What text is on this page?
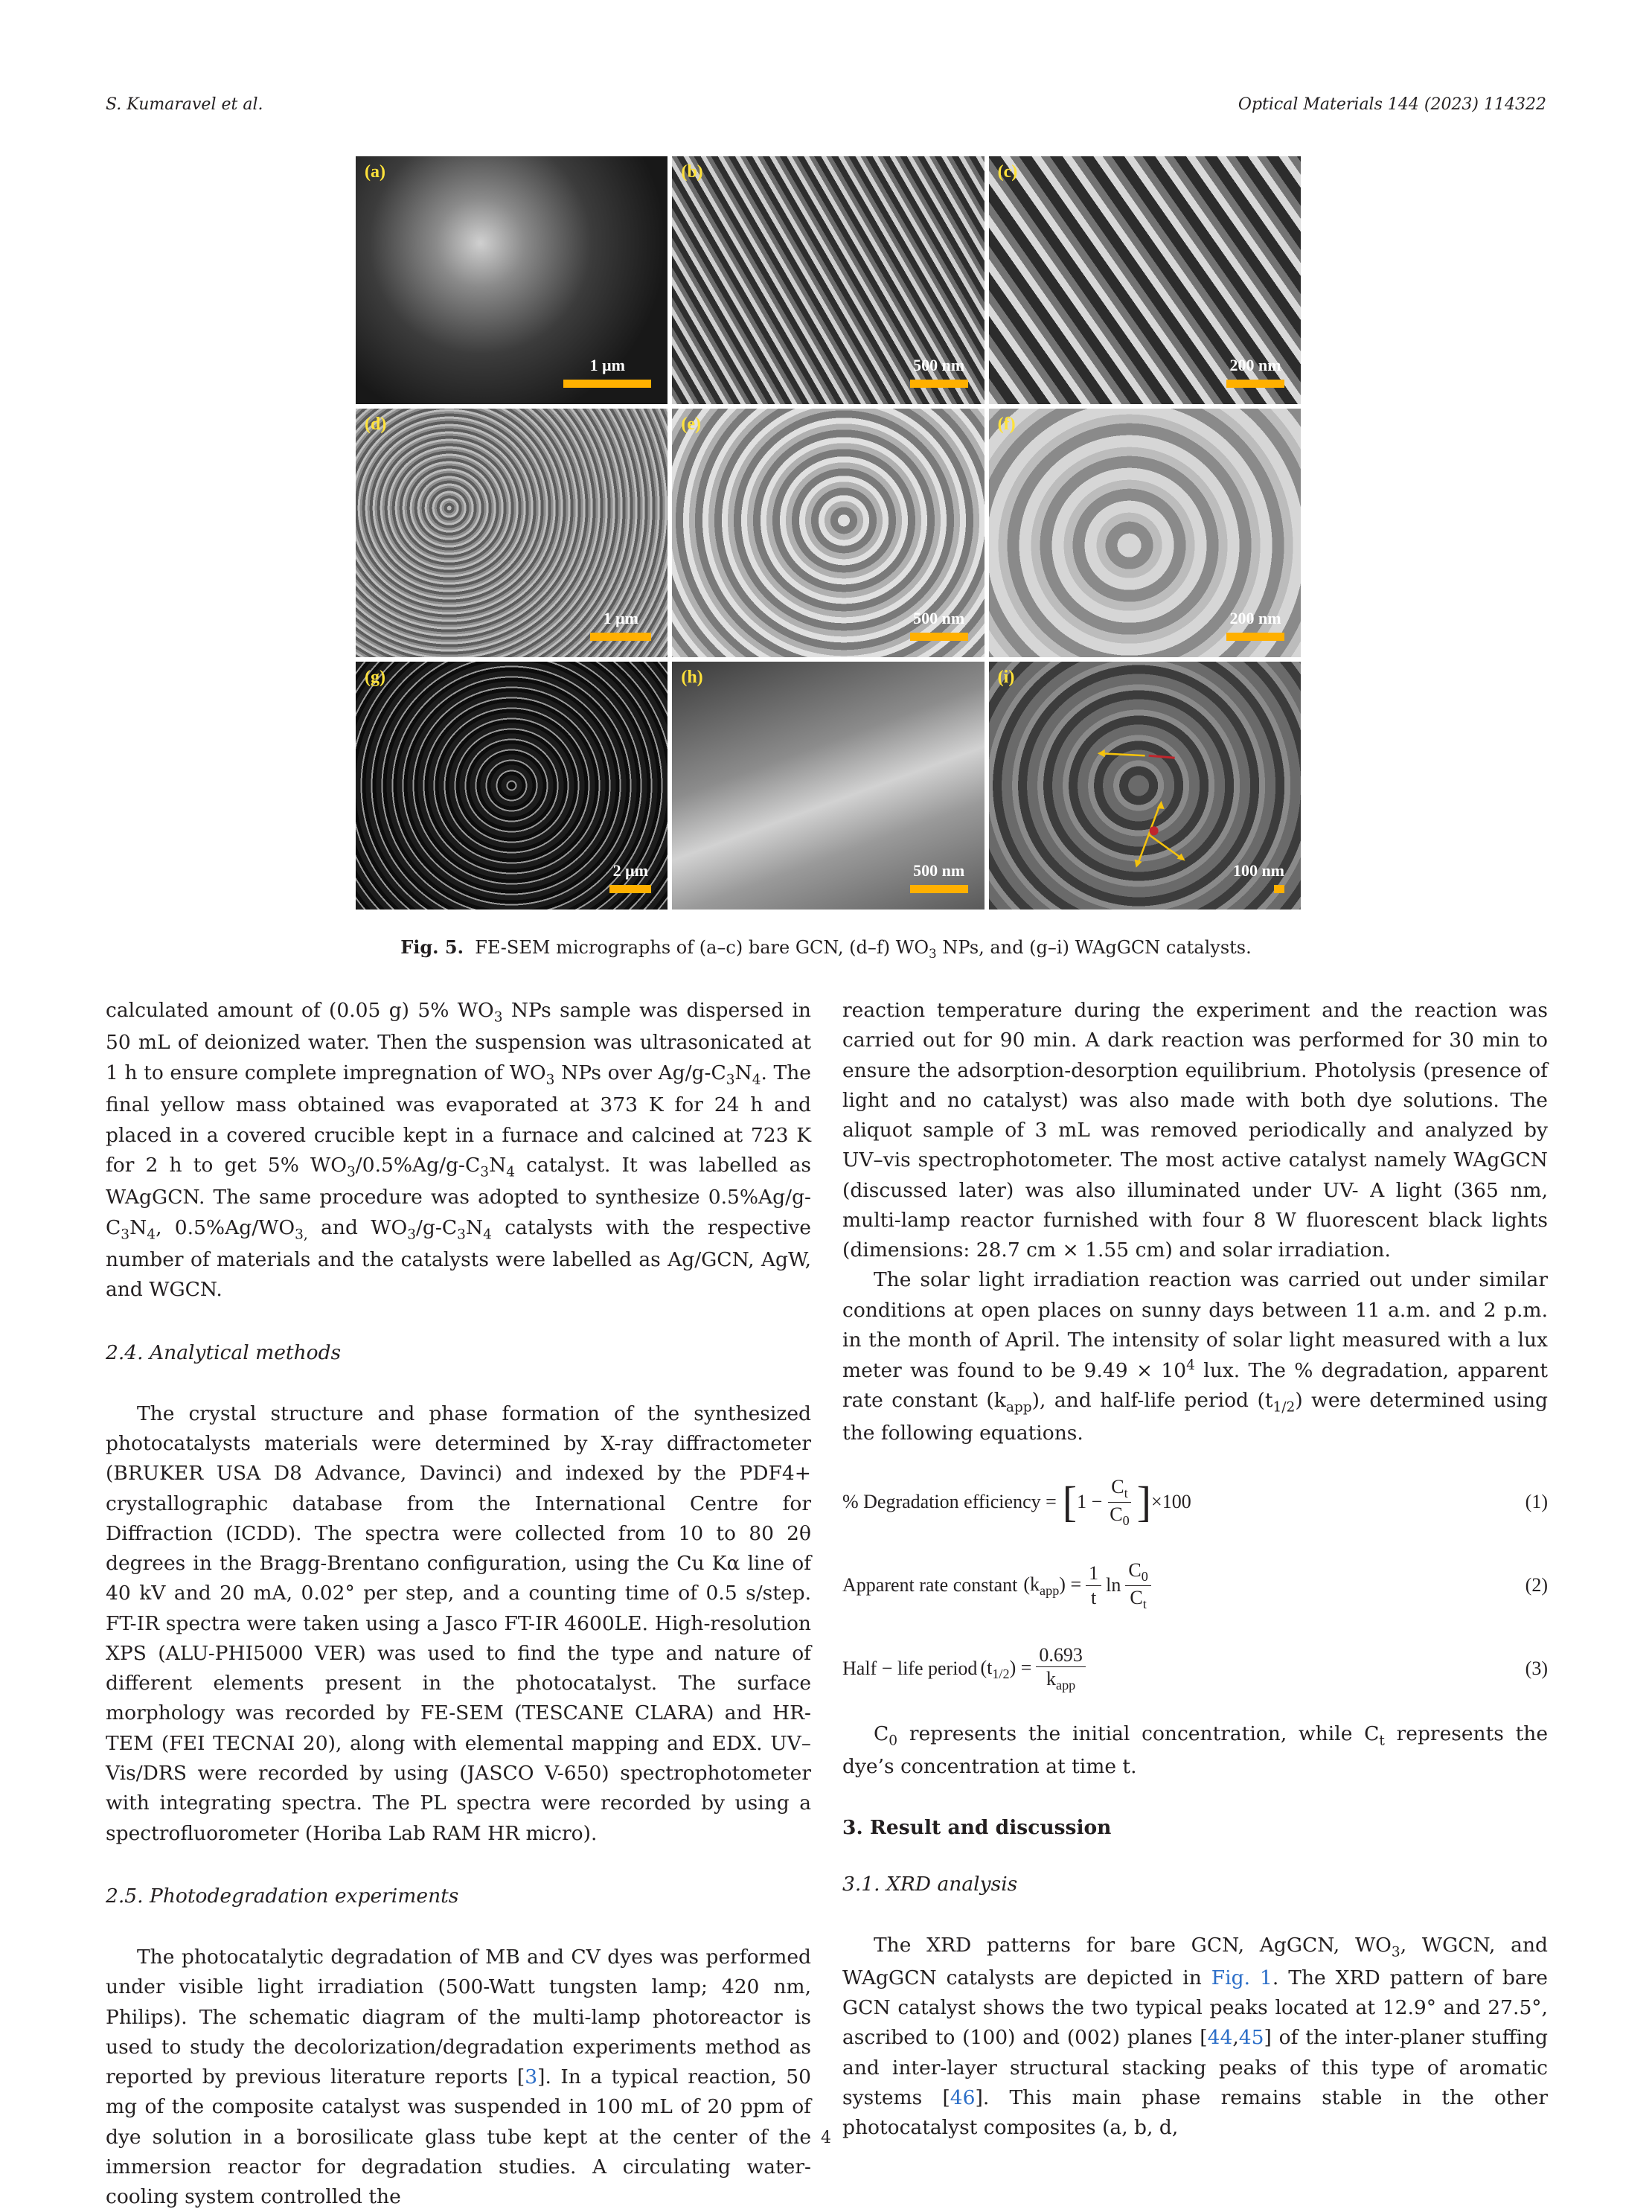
S. Kumaravel et al.	Optical Materials 144 (2023) 114322
(a)
1 μm
(b)
500 nm
(c)
200 nm
(d)
1 μm
(e)
500 nm
(f)
200 nm
(g)
2 μm
(h)
500 nm
(i)
100 nm
Fig. 5. FE-SEM micrographs of (a–c) bare GCN, (d–f) $WO_3$ NPs, and (g–i) WAgGCN catalysts.

calculated amount of (0.05 g) 5% $WO_3$ NPs sample was dispersed in 50 mL of deionized water. Then the suspension was ultrasonicated at 1 h to ensure complete impregnation of $WO_3$ NPs over $Ag/g-C_3N_4$. The final yellow mass obtained was evaporated at 373 K for 24 h and placed in a covered crucible kept in a furnace and calcined at 723 K for 2 h to get 5% $WO_3/0.5\%Ag/g-C_3N_4$ catalyst. It was labelled as WAgGCN. The same procedure was adopted to synthesize $0.5\%Ag/g-C_3N_4$, $0.5\%Ag/WO_{3,}$ and $WO_3/g-C_3N_4$ catalysts with the respective number of materials and the catalysts were labelled as Ag/GCN, AgW, and WGCN.

2.4. Analytical methods

The crystal structure and phase formation of the synthesized photocatalysts materials were determined by X-ray diffractometer (BRUKER USA D8 Advance, Davinci) and indexed by the PDF4+ crystallographic database from the International Centre for Diffraction (ICDD). The spectra were collected from 10 to 80 2θ degrees in the Bragg-Brentano configuration, using the Cu Kα line of 40 kV and 20 mA, 0.02° per step, and a counting time of 0.5 s/step. FT-IR spectra were taken using a Jasco FT-IR 4600LE. High-resolution XPS (ALU-PHI5000 VER) was used to find the type and nature of different elements present in the photocatalyst. The surface morphology was recorded by FE-SEM (TESCANE CLARA) and HR-TEM (FEI TECNAI 20), along with elemental mapping and EDX. UV–Vis/DRS were recorded by using (JASCO V-650) spectrophotometer with integrating spectra. The PL spectra were recorded by using a spectrofluorometer (Horiba Lab RAM HR micro).

2.5. Photodegradation experiments

The photocatalytic degradation of MB and CV dyes was performed under visible light irradiation (500-Watt tungsten lamp; 420 nm, Philips). The schematic diagram of the multi-lamp photoreactor is used to study the decolorization/degradation experiments method as reported by previous literature reports [3]. In a typical reaction, 50 mg of the composite catalyst was suspended in 100 mL of 20 ppm of dye solution in a borosilicate glass tube kept at the center of the immersion reactor for degradation studies. A circulating water-cooling system controlled the

reaction temperature during the experiment and the reaction was carried out for 90 min. A dark reaction was performed for 30 min to ensure the adsorption-desorption equilibrium. Photolysis (presence of light and no catalyst) was also made with both dye solutions. The aliquot sample of 3 mL was removed periodically and analyzed by UV–vis spectrophotometer. The most active catalyst namely WAgGCN (discussed later) was also illuminated under UV- A light (365 nm, multi-lamp reactor furnished with four 8 W fluorescent black lights (dimensions: 28.7 cm × 1.55 cm) and solar irradiation.

The solar light irradiation reaction was carried out under similar conditions at open places on sunny days between 11 a.m. and 2 p.m. in the month of April. The intensity of solar light measured with a lux meter was found to be $9.49 \times 10^4$ lux. The % degradation, apparent rate constant $(k_{app})$, and half-life period $(t_{1/2})$ were determined using the following equations.

% Degradation efficiency = [ $1 - \frac{C_t}{C_0}$ ] ×100	(1)
Apparent rate constant $(k_{app}) = \frac{1}{t}$ $\ln \frac{C_0}{C_t}$	(2)
Half − life period $(t_{1/2}) = \frac{0.693}{k_{app}}$	(3)

$C_0$ represents the initial concentration, while $C_t$ represents the dye’s concentration at time t.

3. Result and discussion
3.1. XRD analysis

The XRD patterns for bare GCN, AgGCN, $WO_3$, WGCN, and WAgGCN catalysts are depicted in Fig. 1. The XRD pattern of bare GCN catalyst shows the two typical peaks located at 12.9° and 27.5°, ascribed to (100) and (002) planes [44,45] of the inter-planer stuffing and inter-layer structural stacking peaks of this type of aromatic systems [46]. This main phase remains stable in the other photocatalyst composites (a, b, d,

4
